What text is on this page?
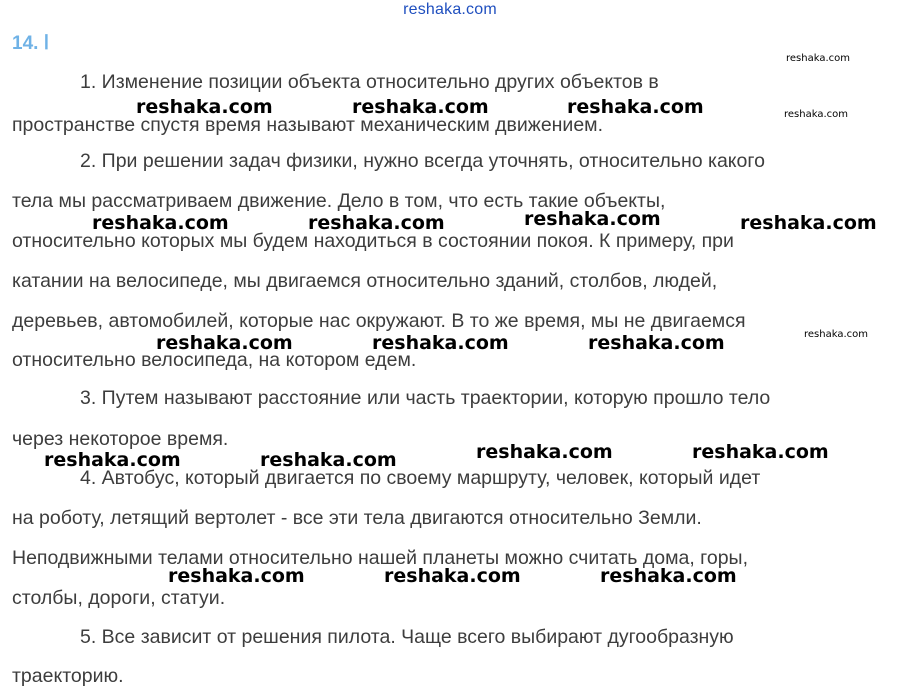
reshaka.com
14. ⅼ
1. Изменение позиции объекта относительно других объектов в
пространстве спустя время называют механическим движением.
2. При решении задач физики, нужно всегда уточнять, относительно какого
тела мы рассматриваем движение. Дело в том, что есть такие объекты,
относительно которых мы будем находиться в состоянии покоя. К примеру, при
катании на велосипеде, мы двигаемся относительно зданий, столбов, людей,
деревьев, автомобилей, которые нас окружают. В то же время, мы не двигаемся
относительно велосипеда, на котором едем.
3. Путем называют расстояние или часть траектории, которую прошло тело
через некоторое время.
4. Автобус, который двигается по своему маршруту, человек, который идет
на роботу, летящий вертолет - все эти тела двигаются относительно Земли.
Неподвижными телами относительно нашей планеты можно считать дома, горы,
столбы, дороги, статуи.
5. Все зависит от решения пилота. Чаще всего выбирают дугообразную
траекторию.
reshaka.com	reshaka.com	reshaka.com
reshaka.com	reshaka.com	reshaka.com	reshaka.com
reshaka.com	reshaka.com	reshaka.com
reshaka.com	reshaka.com
reshaka.com	reshaka.com
reshaka.com	reshaka.com	reshaka.com
reshaka.com
reshaka.com
reshaka.com
